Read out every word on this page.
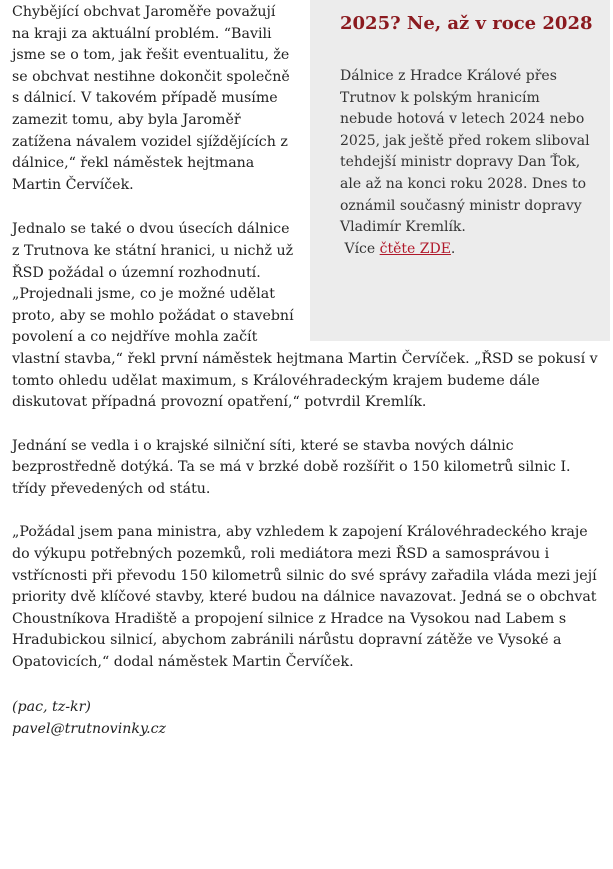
2025? Ne, až v roce 2028
Dálnice z Hradce Králové přes Trutnov k polským hranicím nebude hotová v letech 2024 nebo 2025, jak ještě před rokem sliboval tehdejší ministr dopravy Dan Ťok, ale až na konci roku 2028. Dnes to oznámil současný ministr dopravy Vladimír Kremlík.
Více čtěte ZDE.

Chybějící obchvat Jaroměře považují na kraji za aktuální problém. “Bavili jsme se o tom, jak řešit eventualitu, že se obchvat nestihne dokončit společně s dálnicí. V takovém případě musíme zamezit tomu, aby byla Jaroměř zatížena návalem vozidel sjíždějících z dálnice,“ řekl náměstek hejtmana Martin Červíček.

Jednalo se také o dvou úsecích dálnice z Trutnova ke státní hranici, u nichž už ŘSD požádal o územní rozhodnutí. „Projednali jsme, co je možné udělat proto, aby se mohlo požádat o stavební povolení a co nejdříve mohla začít vlastní stavba,“ řekl první náměstek hejtmana Martin Červíček. „ŘSD se pokusí v tomto ohledu udělat maximum, s Královéhradeckým krajem budeme dále diskutovat případná provozní opatření,“ potvrdil Kremlík.

Jednání se vedla i o krajské silniční síti, které se stavba nových dálnic bezprostředně dotýká. Ta se má v brzké době rozšířit o 150 kilometrů silnic I. třídy převedených od státu.

„Požádal jsem pana ministra, aby vzhledem k zapojení Královéhradeckého kraje do výkupu potřebných pozemků, roli mediátora mezi ŘSD a samosprávou i vstřícnosti při převodu 150 kilometrů silnic do své správy zařadila vláda mezi její priority dvě klíčové stavby, které budou na dálnice navazovat. Jedná se o obchvat Choustníkova Hradiště a propojení silnice z Hradce na Vysokou nad Labem s Hradubickou silnicí, abychom zabránili nárůstu dopravní zátěže ve Vysoké a Opatovicích,“ dodal náměstek Martin Červíček.

(pac, tz-kr)
pavel@trutnovinky.cz
